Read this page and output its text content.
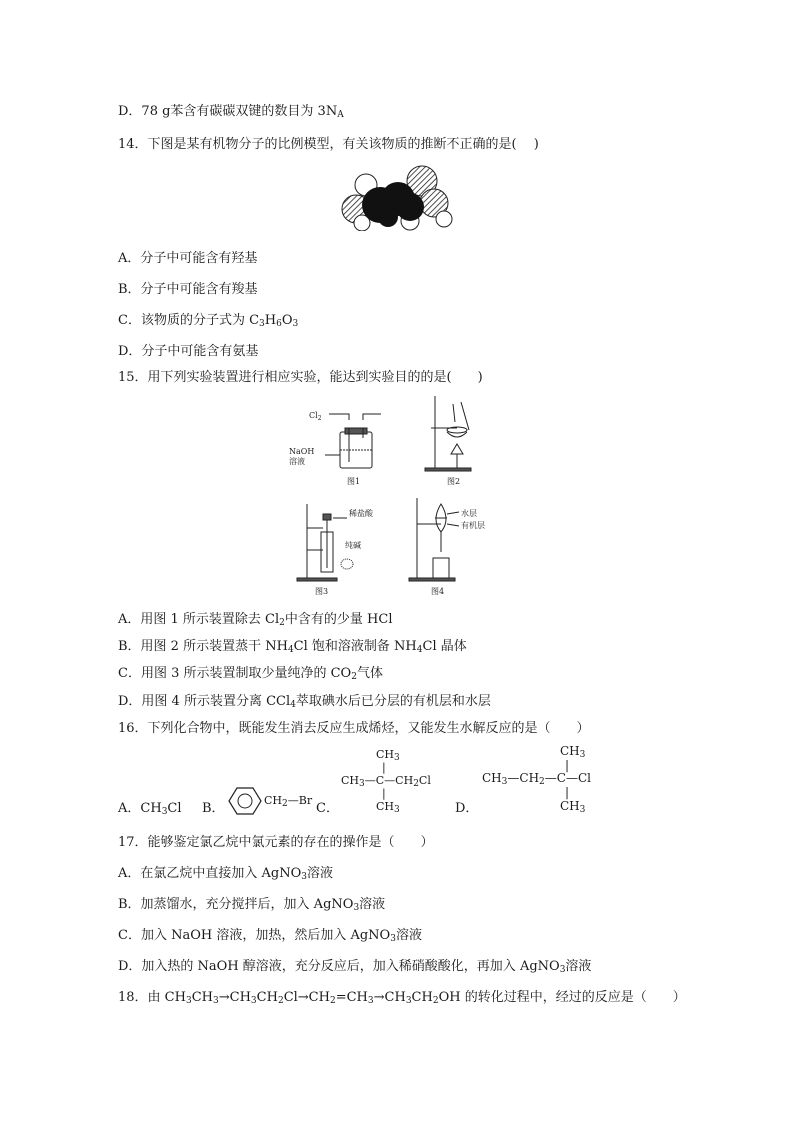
D．78 g苯含有碳碳双键的数目为 $3N_A$
14．下图是某有机物分子的比例模型，有关该物质的推断不正确的是(　 )
A．分子中可能含有羟基
B．分子中可能含有羧基
C．该物质的分子式为 $C_3H_6O_3$
D．分子中可能含有氨基
15．用下列实验装置进行相应实验，能达到实验目的的是(　　)
$Cl_2$
NaOH
溶液
图1	图2
稀盐酸
纯碱
图3
水层
有机层
图4
A．用图 1 所示装置除去 $Cl_2$中含有的少量 HCl
B．用图 2 所示装置蒸干 $NH_4Cl$ 饱和溶液制备 $NH_4Cl$ 晶体
C．用图 3 所示装置制取少量纯净的 $CO_2$气体
D．用图 4 所示装置分离 CCl$_4$萃取碘水后已分层的有机层和水层
16．下列化合物中，既能发生消去反应生成烯烃，又能发生水解反应的是（　　）
A．$CH_3Cl$ B．
$CH_2—Br$
C．
$CH_3$
|
$CH_3—C—CH_2Cl$
|
$CH_3$	D．
$CH_3$
|
$CH_3—CH_2—C—Cl$
|
$CH_3$
17．能够鉴定氯乙烷中氯元素的存在的操作是（　　）
A．在氯乙烷中直接加入 AgNO$_3$溶液
B．加蒸馏水，充分搅拌后，加入 AgNO$_3$溶液
C．加入 NaOH 溶液，加热，然后加入 AgNO$_3$溶液
D．加入热的 NaOH 醇溶液，充分反应后，加入稀硝酸酸化，再加入 AgNO$_3$溶液
18．由 $CH_3CH_3\to CH_3CH_2Cl\to CH_2=CH_3\to CH_3CH_2OH$ 的转化过程中，经过的反应是（　　）
